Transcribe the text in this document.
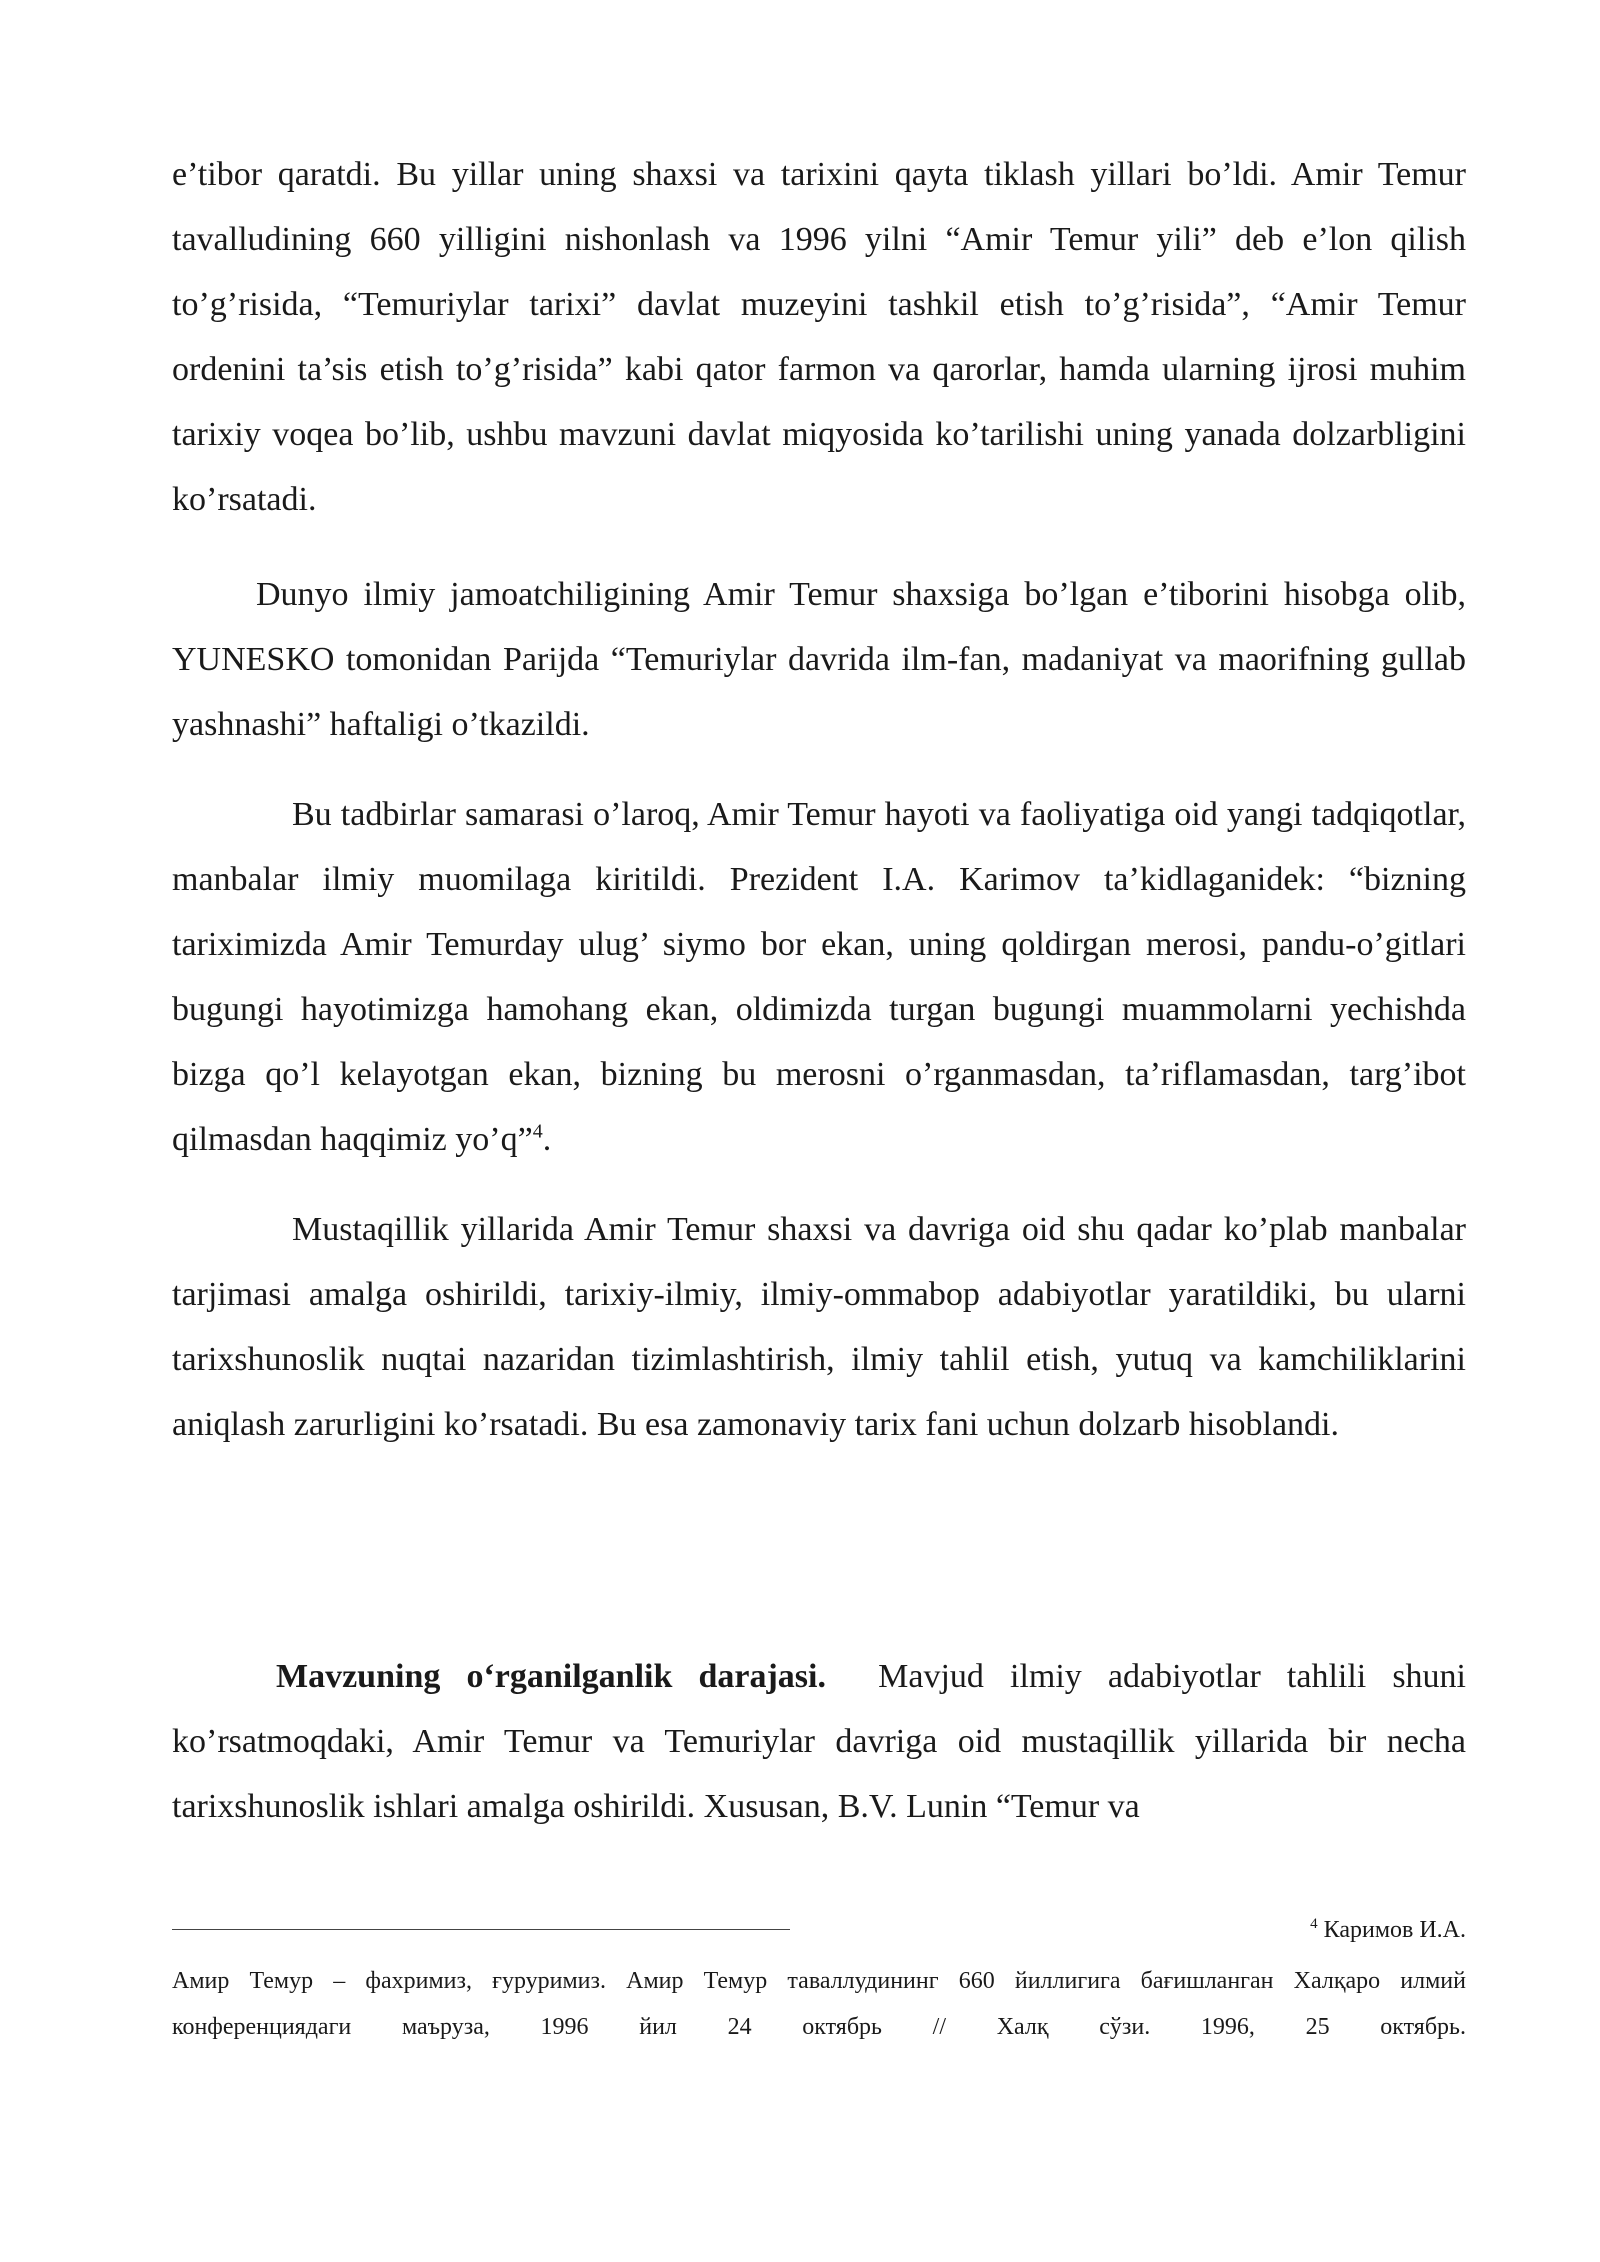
e’tibor qaratdi. Bu yillar uning shaxsi va tarixini qayta tiklash yillari bo’ldi. Amir Temur tavalludining 660 yilligini nishonlash va 1996 yilni “Amir Temur yili” deb e’lon qilish to’g’risida, “Temuriylar tarixi” davlat muzeyini tashkil etish to’g’risida”, “Amir Temur ordenini ta’sis etish to’g’risida” kabi qator farmon va qarorlar, hamda ularning ijrosi muhim tarixiy voqea bo’lib, ushbu mavzuni davlat miqyosida ko’tarilishi uning yanada dolzarbligini ko’rsatadi.

Dunyo ilmiy jamoatchiligining Amir Temur shaxsiga bo’lgan e’tiborini hisobga olib, YUNESKO tomonidan Parijda “Temuriylar davrida ilm-fan, madaniyat va maorifning gullab yashnashi” haftaligi o’tkazildi.

Bu tadbirlar samarasi o’laroq, Amir Temur hayoti va faoliyatiga oid yangi tadqiqotlar, manbalar ilmiy muomilaga kiritildi. Prezident I.A. Karimov ta’kidlaganidek: “bizning tariximizda Amir Temurday ulug’ siymo bor ekan, uning qoldirgan merosi, pandu-o’gitlari bugungi hayotimizga hamohang ekan, oldimizda turgan bugungi muammolarni yechishda bizga qo’l kelayotgan ekan, bizning bu merosni o’rganmasdan, ta’riflamasdan, targ’ibot qilmasdan haqqimiz yo’q”$^4$.

Mustaqillik yillarida Amir Temur shaxsi va davriga oid shu qadar ko’plab manbalar tarjimasi amalga oshirildi, tarixiy-ilmiy, ilmiy-ommabop adabiyotlar yaratildiki, bu ularni tarixshunoslik nuqtai nazaridan tizimlashtirish, ilmiy tahlil etish, yutuq va kamchiliklarini aniqlash zarurligini ko’rsatadi. Bu esa zamonaviy tarix fani uchun dolzarb hisoblandi.

Mavzuning o‘rganilganlik darajasi. Mavjud ilmiy adabiyotlar tahlili shuni ko’rsatmoqdaki, Amir Temur va Temuriylar davriga oid mustaqillik yillarida bir necha tarixshunoslik ishlari amalga oshirildi. Xususan, B.V. Lunin “Temur va

$^4$ Каримов И.А.
Амир Темур – фахримиз, ғуруримиз. Амир Темур таваллудининг 660 йиллигига бағишланган Халқаро илмий конференциядаги маъруза, 1996 йил 24 октябрь // Халқ сўзи. 1996, 25 октябрь.
